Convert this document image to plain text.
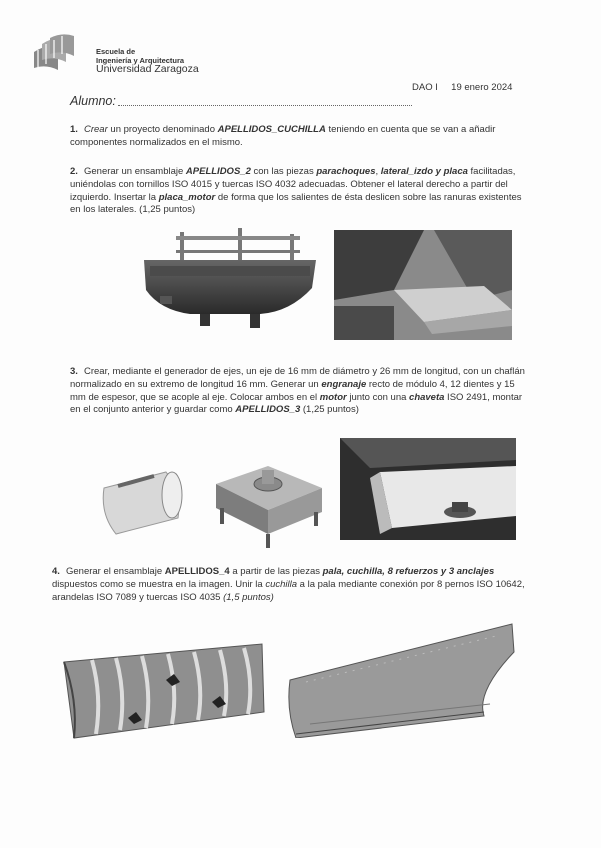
Escuela de
Ingeniería y Arquitectura
Universidad Zaragoza
DAO I 19 enero 2024
Alumno:
1. Crear un proyecto denominado APELLIDOS_CUCHILLA teniendo en cuenta que se van a añadir componentes normalizados en el mismo.
2. Generar un ensamblaje APELLIDOS_2 con las piezas parachoques, lateral_izdo y placa facilitadas, uniéndolas con tornillos ISO 4015 y tuercas ISO 4032 adecuadas. Obtener el lateral derecho a partir del izquierdo. Insertar la placa_motor de forma que los salientes de ésta deslicen sobre las ranuras existentes en los laterales. (1,25 puntos)
3. Crear, mediante el generador de ejes, un eje de 16 mm de diámetro y 26 mm de longitud, con un chaflán normalizado en su extremo de longitud 16 mm. Generar un engranaje recto de módulo 4, 12 dientes y 15 mm de espesor, que se acople al eje. Colocar ambos en el motor junto con una chaveta ISO 2491, montar en el conjunto anterior y guardar como APELLIDOS_3 (1,25 puntos)
4. Generar el ensamblaje APELLIDOS_4 a partir de las piezas pala, cuchilla, 8 refuerzos y 3 anclajes dispuestos como se muestra en la imagen. Unir la cuchilla a la pala mediante conexión por 8 pernos ISO 10642, arandelas ISO 7089 y tuercas ISO 4035 (1,5 puntos)
